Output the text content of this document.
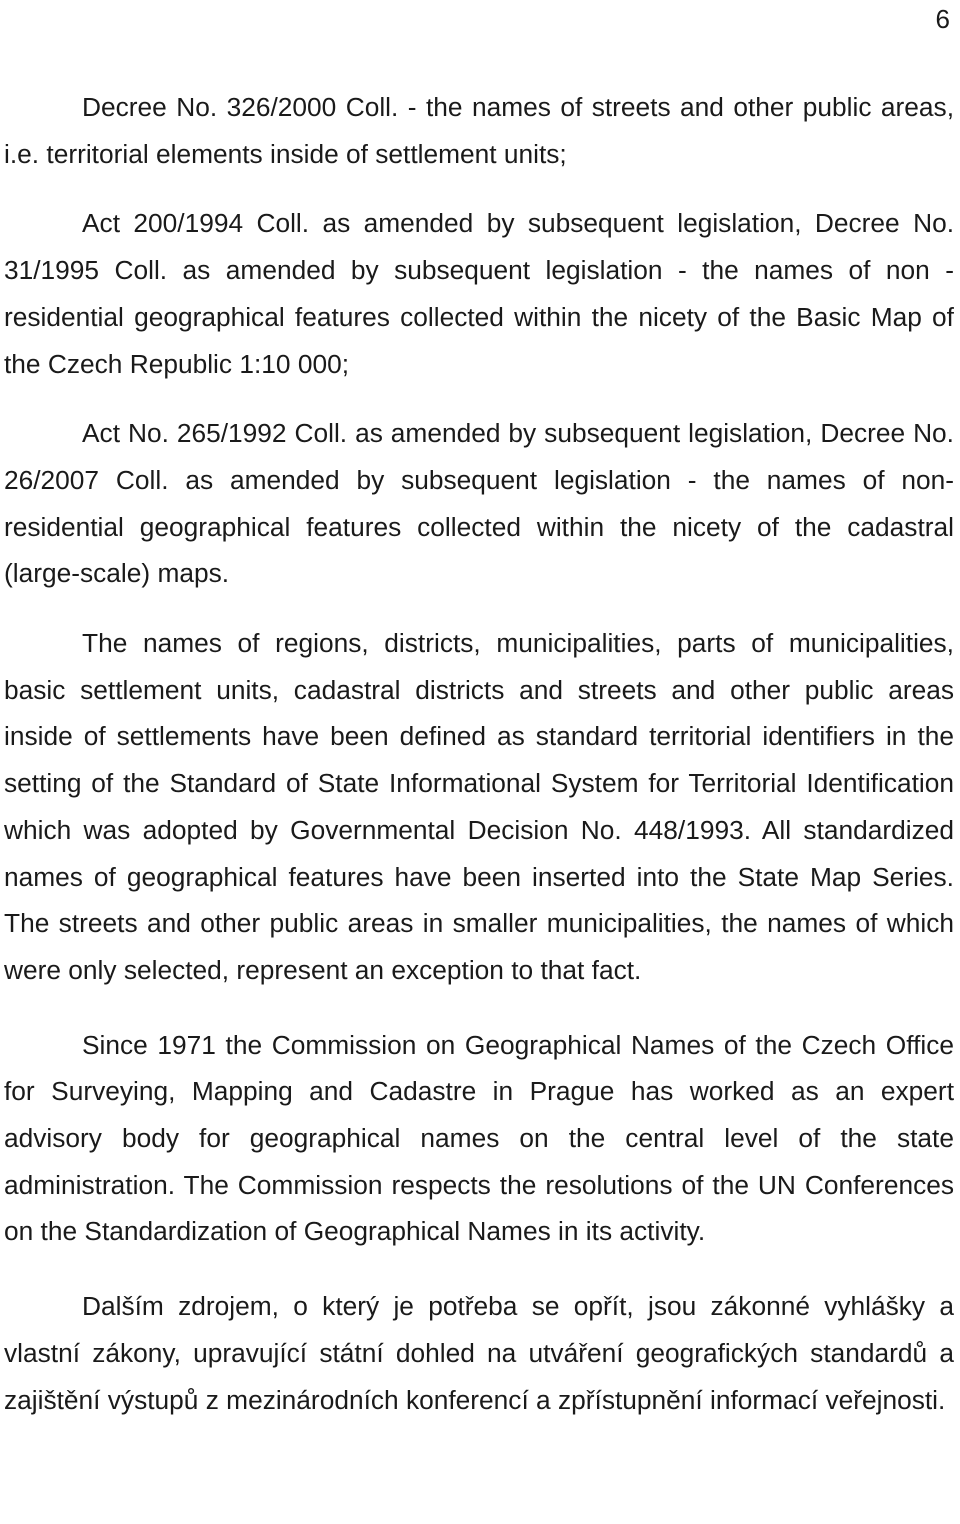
6

Decree No. 326/2000 Coll. - the names of streets and other public areas, i.e. territorial elements inside of settlement units;

Act 200/1994 Coll. as amended by subsequent legislation, Decree No. 31/1995 Coll. as amended by subsequent legislation - the names of non -residential geographical features collected within the nicety of the Basic Map of the Czech Republic 1:10 000;

Act No. 265/1992 Coll. as amended by subsequent legislation, Decree No. 26/2007 Coll. as amended by subsequent legislation - the names of non-residential geographical features collected within the nicety of the cadastral (large-scale) maps.

The names of regions, districts, municipalities, parts of municipalities, basic settlement units, cadastral districts and streets and other public areas inside of settlements have been defined as standard territorial identifiers in the setting of the Standard of State Informational System for Territorial Identification which was adopted by Governmental Decision No. 448/1993. All standardized names of geographical features have been inserted into the State Map Series. The streets and other public areas in smaller municipalities, the names of which were only selected, represent an exception to that fact.

Since 1971 the Commission on Geographical Names of the Czech Office for Surveying, Mapping and Cadastre in Prague has worked as an expert advisory body for geographical names on the central level of the state administration. The Commission respects the resolutions of the UN Conferences on the Standardization of Geographical Names in its activity.

Dalším zdrojem, o který je potřeba se opřít, jsou zákonné vyhlášky a vlastní zákony, upravující státní dohled na utváření geografických standardů a zajištění výstupů z mezinárodních konferencí a zpřístupnění informací veřejnosti.
